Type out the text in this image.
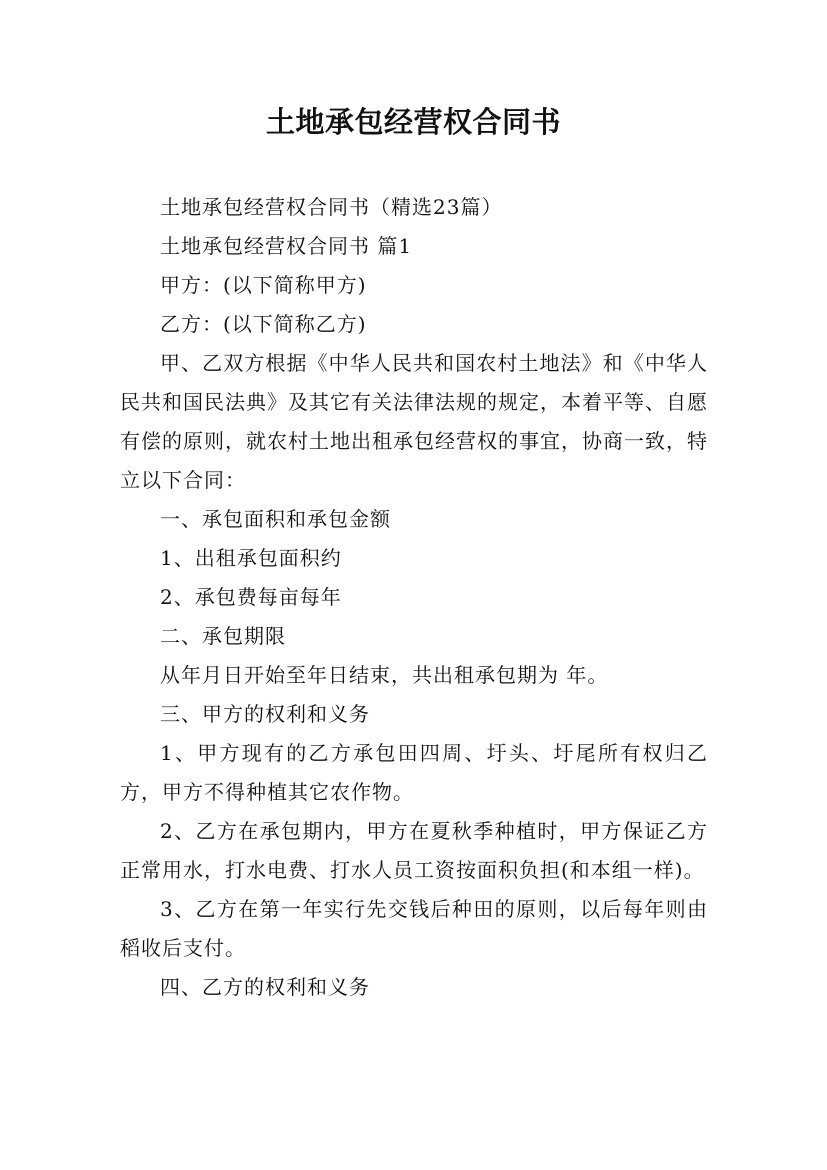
土地承包经营权合同书

土地承包经营权合同书（精选23篇）

土地承包经营权合同书 篇1

甲方：(以下简称甲方)

乙方：(以下简称乙方)

甲、乙双方根据《中华人民共和国农村土地法》和《中华人民共和国民法典》及其它有关法律法规的规定，本着平等、自愿有偿的原则，就农村土地出租承包经营权的事宜，协商一致，特立以下合同：

一、承包面积和承包金额

1、出租承包面积约

2、承包费每亩每年

二、承包期限

从年月日开始至年日结束，共出租承包期为 年。

三、甲方的权利和义务

1、甲方现有的乙方承包田四周、圩头、圩尾所有权归乙方，甲方不得种植其它农作物。

2、乙方在承包期内，甲方在夏秋季种植时，甲方保证乙方正常用水，打水电费、打水人员工资按面积负担(和本组一样)。

3、乙方在第一年实行先交钱后种田的原则，以后每年则由稻收后支付。

四、乙方的权利和义务
